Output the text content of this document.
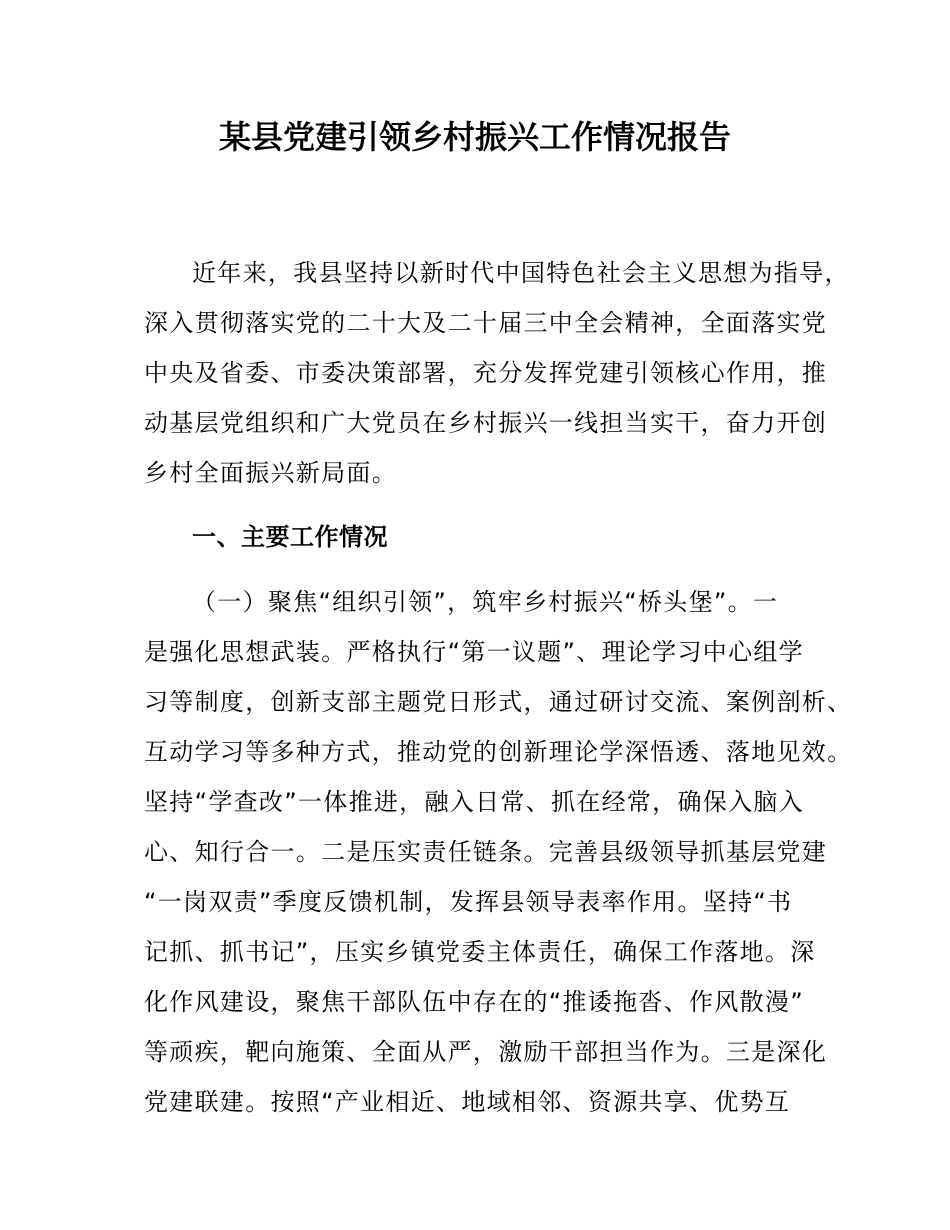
某县党建引领乡村振兴工作情况报告

近年来，我县坚持以新时代中国特色社会主义思想为指导，

深入贯彻落实党的二十大及二十届三中全会精神，全面落实党

中央及省委、市委决策部署，充分发挥党建引领核心作用，推

动基层党组织和广大党员在乡村振兴一线担当实干，奋力开创

乡村全面振兴新局面。

一、主要工作情况

（一）聚焦“组织引领”，筑牢乡村振兴“桥头堡”。一

是强化思想武装。严格执行“第一议题”、理论学习中心组学

习等制度，创新支部主题党日形式，通过研讨交流、案例剖析、

互动学习等多种方式，推动党的创新理论学深悟透、落地见效。

坚持“学查改”一体推进，融入日常、抓在经常，确保入脑入

心、知行合一。二是压实责任链条。完善县级领导抓基层党建

“一岗双责”季度反馈机制，发挥县领导表率作用。坚持“书

记抓、抓书记”，压实乡镇党委主体责任，确保工作落地。深

化作风建设，聚焦干部队伍中存在的“推诿拖沓、作风散漫”

等顽疾，靶向施策、全面从严，激励干部担当作为。三是深化

党建联建。按照“产业相近、地域相邻、资源共享、优势互
